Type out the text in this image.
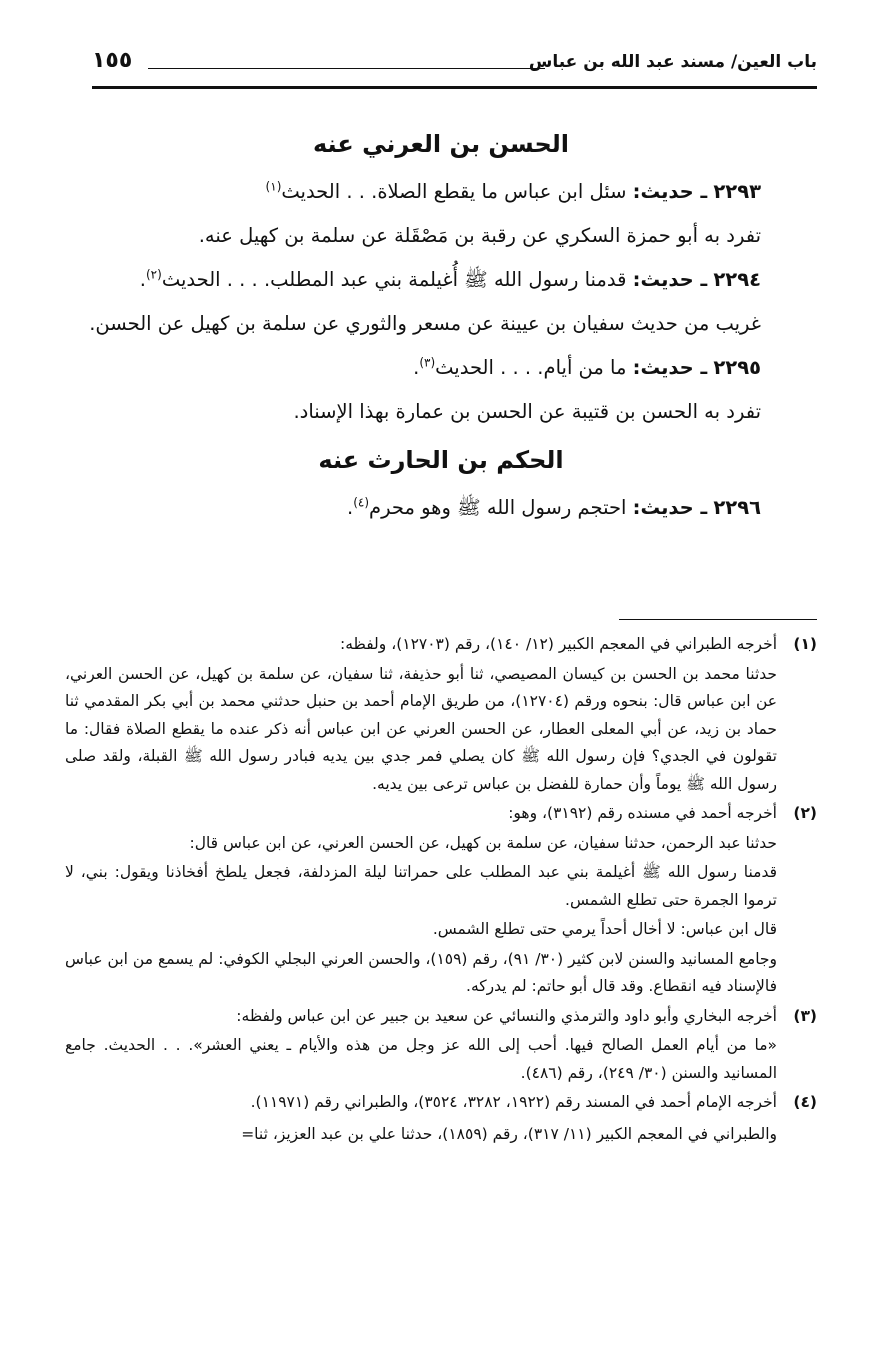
باب العين/ مسند عبد الله بن عباس
١٥٥
الحسن بن العرني عنه

٢٢٩٣ ـ حديث: سئل ابن عباس ما يقطع الصلاة. . . الحديث$^{(١)}$

تفرد به أبو حمزة السكري عن رقبة بن مَصْقَلة عن سلمة بن كهيل عنه.

٢٢٩٤ ـ حديث: قدمنا رسول الله ﷺ أُغيلمة بني عبد المطلب. . . . الحديث$^{(٢)}$.

غريب من حديث سفيان بن عيينة عن مسعر والثوري عن سلمة بن كهيل عن الحسن.

٢٢٩٥ ـ حديث: ما من أيام. . . . الحديث$^{(٣)}$.

تفرد به الحسن بن قتيبة عن الحسن بن عمارة بهذا الإسناد.

الحكم بن الحارث عنه

٢٢٩٦ ـ حديث: احتجم رسول الله ﷺ وهو محرم$^{(٤)}$.

(١)

أخرجه الطبراني في المعجم الكبير (١٢/ ١٤٠)، رقم (١٢٧٠٣)، ولفظه:

حدثنا محمد بن الحسن بن كيسان المصيصي، ثنا أبو حذيفة، ثنا سفيان، عن سلمة بن كهيل، عن الحسن العرني، عن ابن عباس قال: بنحوه ورقم (١٢٧٠٤)، من طريق الإمام أحمد بن حنبل حدثني محمد بن أبي بكر المقدمي ثنا حماد بن زيد، عن أبي المعلى العطار، عن الحسن العرني عن ابن عباس أنه ذكر عنده ما يقطع الصلاة فقال: ما تقولون في الجدي؟ فإن رسول الله ﷺ كان يصلي فمر جدي بين يديه فبادر رسول الله ﷺ القبلة، ولقد صلى رسول الله ﷺ يوماً وأن حمارة للفضل بن عباس ترعى بين يديه.

(٢)

أخرجه أحمد في مسنده رقم (٣١٩٢)، وهو:

حدثنا عبد الرحمن، حدثنا سفيان، عن سلمة بن كهيل، عن الحسن العرني، عن ابن عباس قال:

قدمنا رسول الله ﷺ أغيلمة بني عبد المطلب على حمراتنا ليلة المزدلفة، فجعل يلطخ أفخاذنا ويقول: بني، لا ترموا الجمرة حتى تطلع الشمس.

قال ابن عباس: لا أخال أحداً يرمي حتى تطلع الشمس.

وجامع المسانيد والسنن لابن كثير (٣٠/ ٩١)، رقم (١٥٩)، والحسن العرني البجلي الكوفي: لم يسمع من ابن عباس فالإسناد فيه انقطاع. وقد قال أبو حاتم: لم يدركه.

(٣)

أخرجه البخاري وأبو داود والترمذي والنسائي عن سعيد بن جبير عن ابن عباس ولفظه:

«ما من أيام العمل الصالح فيها. أحب إلى الله عز وجل من هذه والأيام ـ يعني العشر». . . الحديث. جامع المسانيد والسنن (٣٠/ ٢٤٩)، رقم (٤٨٦).

(٤)

أخرجه الإمام أحمد في المسند رقم (١٩٢٢، ٣٢٨٢، ٣٥٢٤)، والطبراني رقم (١١٩٧١).

والطبراني في المعجم الكبير (١١/ ٣١٧)، رقم (١٨٥٩)، حدثنا علي بن عبد العزيز، ثنا=
